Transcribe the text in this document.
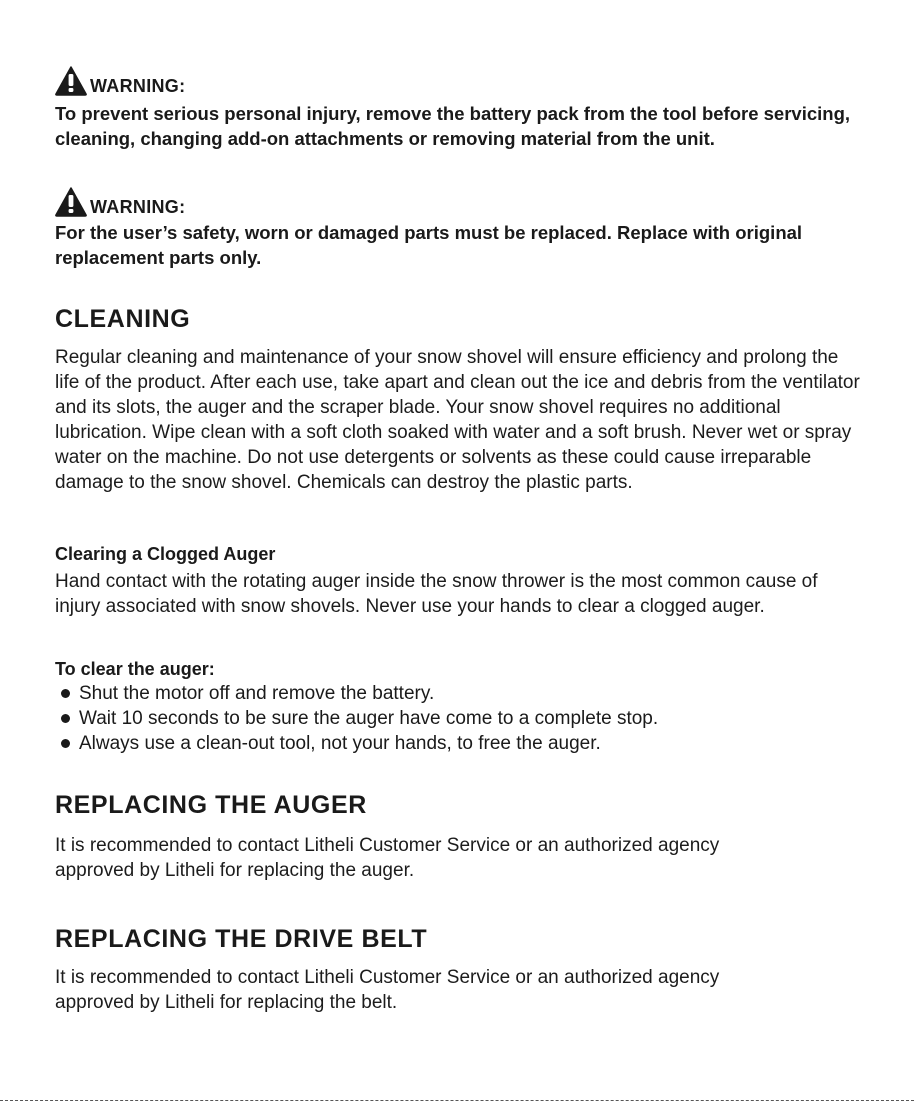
WARNING:
To prevent serious personal injury, remove the battery pack from the tool before servicing, cleaning, changing add-on attachments or removing material from the unit.
WARNING:
For the user’s safety, worn or damaged parts must be replaced. Replace with original replacement parts only.
CLEANING

Regular cleaning and maintenance of your snow shovel will ensure efficiency and prolong the life of the product. After each use, take apart and clean out the ice and debris from the ventilator and its slots, the auger and the scraper blade. Your snow shovel requires no additional lubrication. Wipe clean with a soft cloth soaked with water and a soft brush. Never wet or spray water on the machine. Do not use detergents or solvents as these could cause irreparable damage to the snow shovel. Chemicals can destroy the plastic parts.

Clearing a Clogged Auger

Hand contact with the rotating auger inside the snow thrower is the most common cause of injury associated with snow shovels. Never use your hands to clear a clogged auger.

To clear the auger:
Shut the motor off and remove the battery.
Wait 10 seconds to be sure the auger have come to a complete stop.
Always use a clean-out tool, not your hands, to free the auger.
REPLACING THE AUGER

It is recommended to contact Litheli Customer Service or an authorized agency approved by Litheli for replacing the auger.

REPLACING THE DRIVE BELT

It is recommended to contact Litheli Customer Service or an authorized agency approved by Litheli for replacing the belt.
